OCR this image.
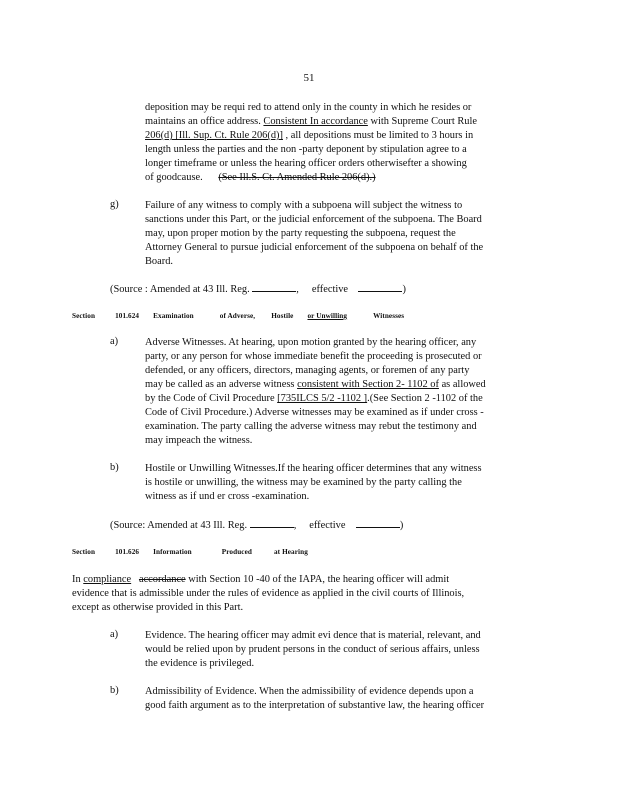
51
deposition may be requi red to attend only in the county in which he resides or
maintains an office address. Consistent In accordance with Supreme Court Rule
206(d) [Ill. Sup. Ct. Rule 206(d)] , all depositions must be limited to 3 hours in
length unless the parties and the non -party deponent by stipulation agree to a
longer timeframe or unless the hearing officer orders otherwisefter a showing
of goodcause. (See Ill.S. Ct. Amended Rule 206(d).)
g)	Failure of any witness to comply with a subpoena will subject the witness to
sanctions under this Part, or the judicial enforcement of the subpoena. The Board
may, upon proper motion by the party requesting the subpoena, request the
Attorney General to pursue judicial enforcement of the subpoena on behalf of the
Board.
(Source : Amended at 43 Ill. Reg.	, effective	)
Section	101.624 Examination	of Adverse, Hostile or Unwilling	Witnesses
a)	Adverse Witnesses. At hearing, upon motion granted by the hearing officer, any
party, or any person for whose immediate benefit the proceeding is prosecuted or
defended, or any officers, directors, managing agents, or foremen of any party
may be called as an adverse witness consistent with Section 2- 1102 of as allowed
by the Code of Civil Procedure [735ILCS 5/2 -1102 ].(See Section 2 -1102 of the
Code of Civil Procedure.) Adverse witnesses may be examined as if under cross -
examination. The party calling the adverse witness may rebut the testimony and
may impeach the witness.
b)	Hostile or Unwilling Witnesses.If the hearing officer determines that any witness
is hostile or unwilling, the witness may be examined by the party calling the
witness as if und er cross -examination.
(Source: Amended at 43 Ill. Reg.	, effective	)
Section	101.626 Information	Produced	at Hearing
In compliance accordance with Section 10 -40 of the IAPA, the hearing officer will admit
evidence that is admissible under the rules of evidence as applied in the civil courts of Illinois,
except as otherwise provided in this Part.
a)	Evidence. The hearing officer may admit evi dence that is material, relevant, and
would be relied upon by prudent persons in the conduct of serious affairs, unless
the evidence is privileged.
b)	Admissibility of Evidence. When the admissibility of evidence depends upon a
good faith argument as to the interpretation of substantive law, the hearing officer
